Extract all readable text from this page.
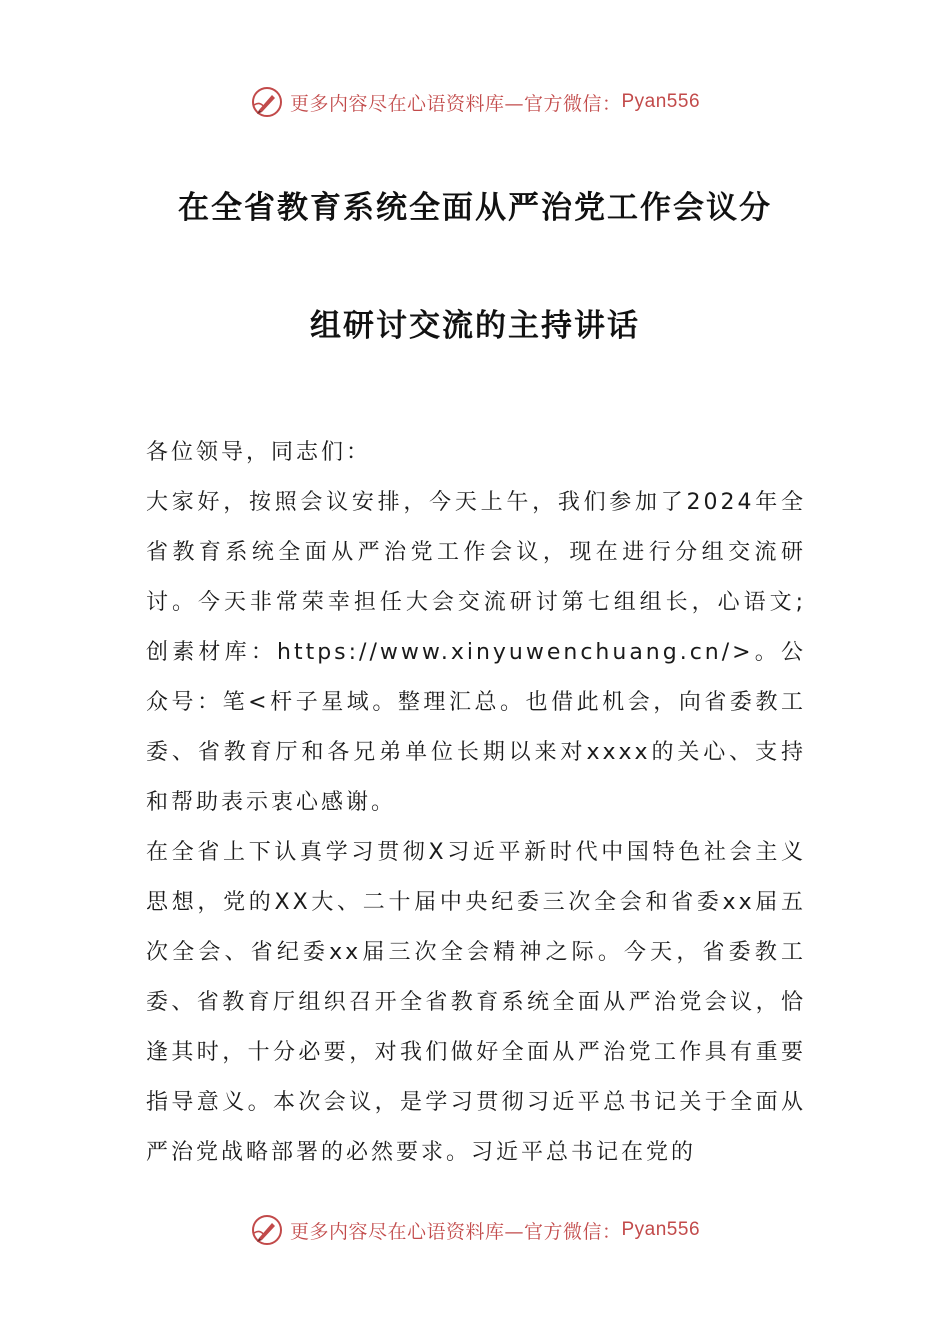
更多内容尽在心语资料库—官方微信： Pyan556
在全省教育系统全面从严治党工作会议分
组研讨交流的主持讲话

各位领导，同志们：

大家好，按照会议安排，今天上午，我们参加了2024年全省教育系统全面从严治党工作会议，现在进行分组交流研讨。今天非常荣幸担任大会交流研讨第七组组长，心语文;创素材库：https://www.xinyuwenchuang.cn/>。公众号：笔<杆子星域。整理汇总。也借此机会，向省委教工委、省教育厅和各兄弟单位长期以来对xxxx的关心、支持和帮助表示衷心感谢。

在全省上下认真学习贯彻X习近平新时代中国特色社会主义思想，党的XX大、二十届中央纪委三次全会和省委xx届五次全会、省纪委xx届三次全会精神之际。今天，省委教工委、省教育厅组织召开全省教育系统全面从严治党会议，恰逢其时，十分必要，对我们做好全面从严治党工作具有重要指导意义。本次会议，是学习贯彻习近平总书记关于全面从严治党战略部署的必然要求。习近平总书记在党的

更多内容尽在心语资料库—官方微信： Pyan556
